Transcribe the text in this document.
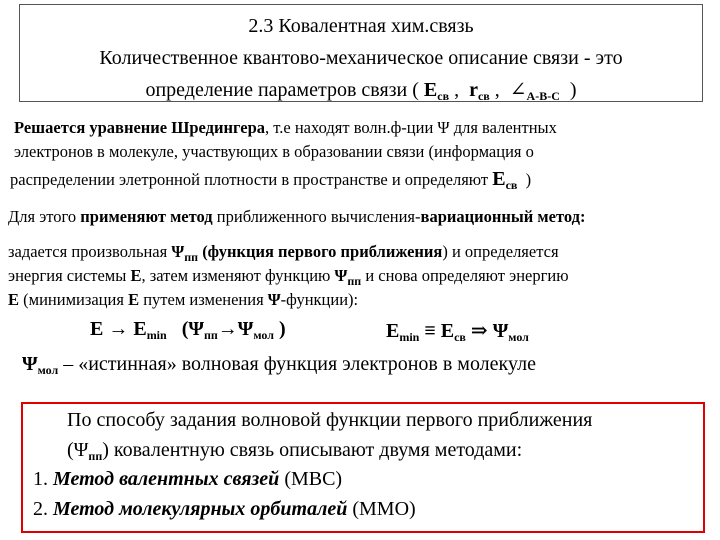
2.3 Ковалентная хим.связь
Количественное квантово-механическое описание связи - это
определение параметров связи ( $E_{св}$ , $r_{св}$ , $\angle_{A-B-C}$ )
Решается уравнение Шредингера, т.е находят волн.ф-ции Ψ для валентных
электронов в молекуле, участвующих в образовании связи (информация о
распределении элетронной плотности в пространстве и определяют $E_{св}$ )
Для этого применяют метод приближенного вычисления-вариационный метод:
задается произвольная $\Psi_{пп}$ (функция первого приближения) и определяется
энергия системы E, затем изменяют функцию $\Psi_{пп}$ и снова определяют энергию
E (минимизация E путем изменения Ψ-функции):
$E \to E_{min}$ ($\Psi_{пп}\to\Psi_{мол}$ )	$E_{min} \equiv E_{св}$ ⇒ $\Psi_{мол}$
$\Psi_{мол}$ – «истинная» волновая функция электронов в молекуле
По способу задания волновой функции первого приближения
$(\Psi_{пп})$ ковалентную связь описывают двумя методами:
1. Метод валентных связей (МВС)
2. Метод молекулярных орбиталей (ММО)
